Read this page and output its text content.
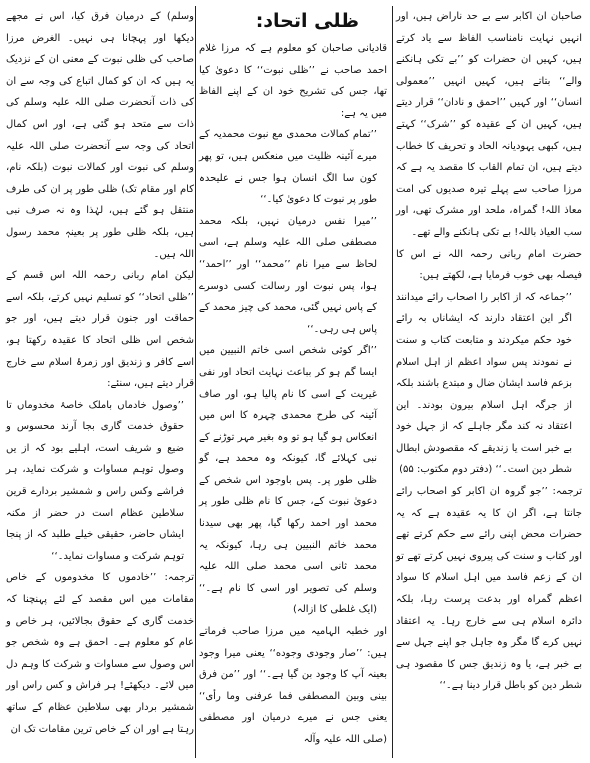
صاحبان ان اکابر سے بے حد ناراض ہیں، اور انہیں نہایت نامناسب الفاظ سے یاد کرتے ہیں، کہیں ان حضرات کو ’’بے تکی ہانکنے والے‘‘ بتاتے ہیں، کہیں انہیں ’’معمولی انسان‘‘ اور کہیں ’’احمق و نادان‘‘ قرار دیتے ہیں، کہیں ان کے عقیدہ کو ’’شرک‘‘ کہتے ہیں، کبھی یہودیانہ الحاد و تحریف کا خطاب دیتے ہیں، ان تمام القاب کا مقصد یہ ہے کہ مرزا صاحب سے پہلے تیرہ صدیوں کی امت معاذ اللہ! گمراہ، ملحد اور مشرک تھی، اور سب العیاذ باللہ! بے تکی ہانکنے والے تھے۔

حضرت امام ربانی رحمہ اللہ نے اس کا فیصلہ بھی خوب فرمایا ہے، لکھتے ہیں:

’’جماعہ کہ از اکابر را اصحاب رائے میدانند اگر این اعتقاد دارند کہ ایشاناں بہ رائے خود حکم میکردند و متابعت کتاب و سنت نے نمودند پس سواد اعظم از اہل اسلام بزعم فاسد ایشان ضال و مبتدع باشند بلکہ از جرگہ اہل اسلام بیرون بودند۔ این اعتقاد نہ کند مگر جاہلے کہ از جہل خود بے خبر است یا زندیقے کہ مقصودش ابطال شطر دین است۔‘‘ (دفتر دوم مکتوب: ۵۵)

ترجمہ: ’’جو گروہ ان اکابر کو اصحاب رائے جانتا ہے، اگر ان کا یہ عقیدہ ہے کہ یہ حضرات محض اپنی رائے سے حکم کرتے تھے اور کتاب و سنت کی پیروی نہیں کرتے تھے تو ان کے زعم فاسد میں اہل اسلام کا سواد اعظم گمراہ اور بدعت پرست رہا، بلکہ دائرہ اسلام ہی سے خارج رہا۔ یہ اعتقاد نہیں کرے گا مگر وہ جاہل جو اپنے جہل سے بے خبر ہے، یا وہ زندیق جس کا مقصود ہی شطر دین کو باطل قرار دینا ہے۔‘‘

ظلی اتحاد:

قادیانی صاحبان کو معلوم ہے کہ مرزا غلام احمد صاحب نے ’’ظلی نبوت‘‘ کا دعویٰ کیا تھا، جس کی تشریح خود ان کے اپنے الفاظ میں یہ ہے:

’’تمام کمالات محمدی مع نبوت محمدیہ کے میرے آئینہ ظلیت میں منعکس ہیں، تو پھر کون سا الگ انسان ہوا جس نے علیحدہ طور پر نبوت کا دعویٰ کیا۔‘‘

’’میرا نفس درمیان نہیں، بلکہ محمد مصطفی صلی اللہ علیہ وسلم ہے، اسی لحاظ سے میرا نام ’’محمد‘‘ اور ’’احمد‘‘ ہوا، پس نبوت اور رسالت کسی دوسرے کے پاس نہیں گئی، محمد کی چیز محمد کے پاس ہی رہی۔‘‘

’’اگر کوئی شخص اسی خاتم النبیین میں ایسا گم ہو کر بباعث نہایت اتحاد اور نفی غیریت کے اسی کا نام پالیا ہو، اور صاف آئینہ کی طرح محمدی چہرہ کا اس میں انعکاس ہو گیا ہو تو وہ بغیر مہر توڑنے کے نبی کہلائے گا، کیونکہ وہ محمد ہے، گو ظلی طور پر۔ پس باوجود اس شخص کے دعویٰ نبوت کے، جس کا نام ظلی طور پر محمد اور احمد رکھا گیا، پھر بھی سیدنا محمد خاتم النبیین ہی رہا، کیونکہ یہ محمد ثانی اسی محمد صلی اللہ علیہ وسلم کی تصویر اور اسی کا نام ہے۔‘‘ (ایک غلطی کا ازالہ)

اور خطبہ الہامیہ میں مرزا صاحب فرماتے ہیں: ’’صار وجودی وجوده‘‘ یعنی میرا وجود بعینہ آپ کا وجود بن گیا ہے۔‘‘ اور ’’من فرق بینی وبین المصطفی فما عرفنی وما رأی‘‘ یعنی جس نے میرے درمیان اور مصطفی (صلی اللہ علیہ وآلہ

وسلم) کے درمیان فرق کیا، اس نے مجھے دیکھا اور پہچانا ہی نہیں۔ الغرض مرزا صاحب کی ظلی نبوت کے معنی ان کے نزدیک یہ ہیں کہ ان کو کمال اتباع کی وجہ سے ان کی ذات آنحضرت صلی اللہ علیہ وسلم کی ذات سے متحد ہو گئی ہے، اور اس کمال اتحاد کی وجہ سے آنحضرت صلی اللہ علیہ وسلم کی نبوت اور کمالات نبوت (بلکہ نام، کام اور مقام تک) ظلی طور پر ان کی طرف منتقل ہو گئے ہیں، لہٰذا وہ نہ صرف نبی ہیں، بلکہ ظلی طور پر بعینہٖ محمد رسول اللہ ہیں۔

لیکن امام ربانی رحمہ اللہ اس قسم کے ’’ظلی اتحاد‘‘ کو تسلیم نہیں کرتے، بلکہ اسے حماقت اور جنون قرار دیتے ہیں، اور جو شخص اس ظلی اتحاد کا عقیدہ رکھتا ہو، اسے کافر و زندیق اور زمرۂ اسلام سے خارج قرار دیتے ہیں، سنئے:

’’وصول خادماں باملک خاصۂ مخدوماں تا حقوق خدمت گاری بجا آرند محسوس و ضیع و شریف است، اہلیے بود کہ از یں وصول توہم مساوات و شرکت نماید، ہر فراشے وکس راس و شمشیر بردارے قرین سلاطین عظام است در حضر از مکنہ ایشاں حاضر، حقیقی خیلے طلبد کہ از پنجا توہم شرکت و مساوات نماید۔‘‘

ترجمہ: ’’خادموں کا مخدوموں کے خاص مقامات میں اس مقصد کے لئے پہنچنا کہ خدمت گاری کے حقوق بجالائیں، ہر خاص و عام کو معلوم ہے۔ احمق ہے وہ شخص جو اس وصول سے مساوات و شرکت کا وہم دل میں لائے۔ دیکھئے! ہر فراش و کس راس اور شمشیر بردار بھی سلاطین عظام کے ساتھ رہتا ہے اور ان کے خاص ترین مقامات تک ان
